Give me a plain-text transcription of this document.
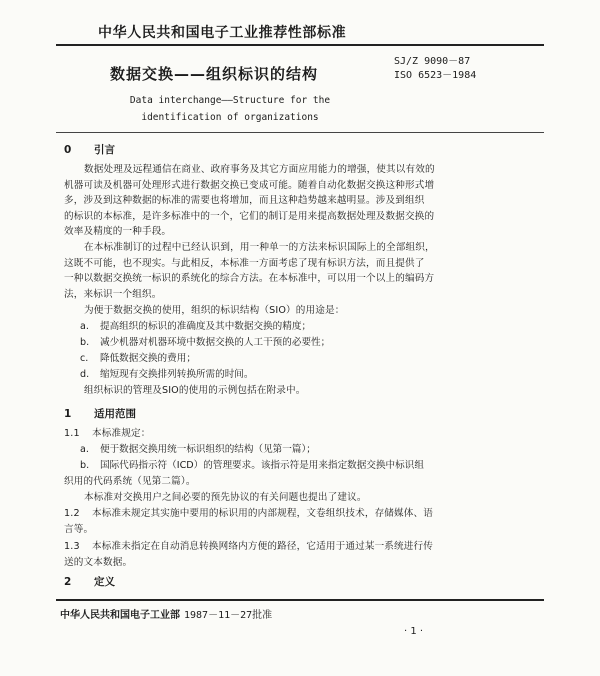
中华人民共和国电子工业推荐性部标准
数据交换——组织标识的结构
SJ/Z 9090－87
ISO 6523－1984
Data interchange——Structure for the
identification of organizations
0 引言
数据处理及远程通信在商业、政府事务及其它方面应用能力的增强，使其以有效的
机器可读及机器可处理形式进行数据交换已变成可能。随着自动化数据交换这种形式增
多，涉及到这种数据的标准的需要也将增加，而且这种趋势越来越明显。涉及到组织
的标识的本标准，是许多标准中的一个，它们的制订是用来提高数据处理及数据交换的
效率及精度的一种手段。
在本标准制订的过程中已经认识到，用一种单一的方法来标识国际上的全部组织，
这既不可能，也不现实。与此相反，本标准一方面考虑了现有标识方法，而且提供了
一种以数据交换统一标识的系统化的综合方法。在本标准中，可以用一个以上的编码方
法，来标识一个组织。
为便于数据交换的使用，组织的标识结构（SIO）的用途是：
a. 提高组织的标识的准确度及其中数据交换的精度；
b. 减少机器对机器环境中数据交换的人工干预的必要性；
c. 降低数据交换的费用；
d. 缩短现有交换排列转换所需的时间。
组织标识的管理及SIO的使用的示例包括在附录中。
1 适用范围
1.1 本标准规定：
a. 便于数据交换用统一标识组织的结构（见第一篇）；
b. 国际代码指示符（ICD）的管理要求。该指示符是用来指定数据交换中标识组
织用的代码系统（见第二篇）。
本标准对交换用户之间必要的预先协议的有关问题也提出了建议。
1.2 本标准未规定其实施中要用的标识用的内部规程，文卷组织技术，存储媒体、语
言等。
1.3 本标准未指定在自动消息转换网络内方便的路径，它适用于通过某一系统进行传
送的文本数据。
2 定义
中华人民共和国电子工业部 1987－11－27批准
· 1 ·
